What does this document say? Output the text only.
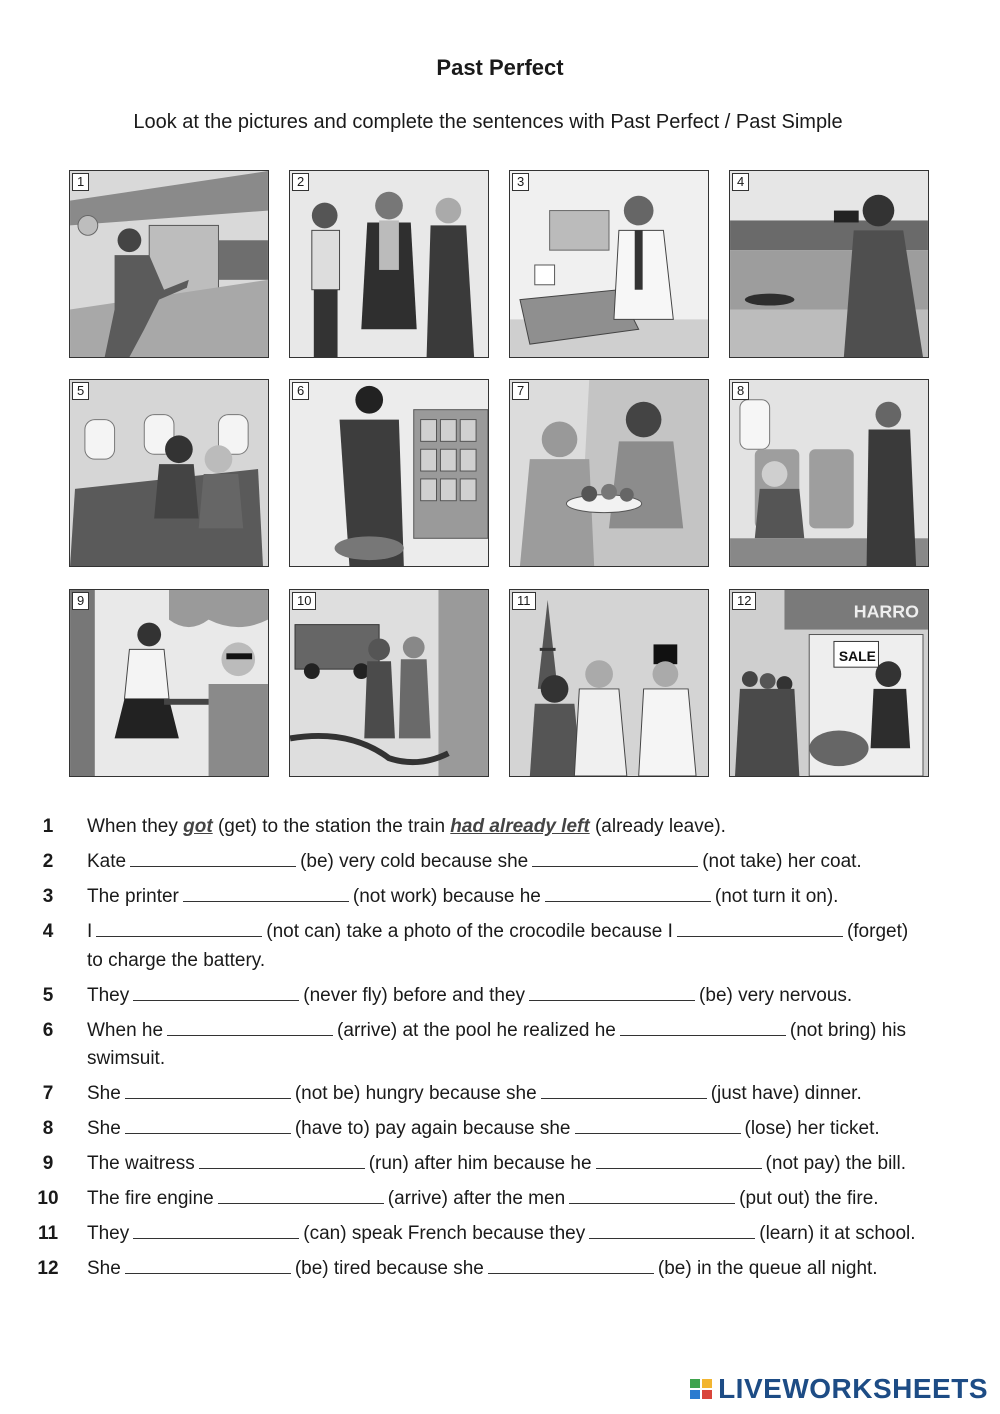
Past Perfect
Look at the pictures and complete the sentences with Past Perfect / Past Simple
1	2	3	4
5	6	7	8
9	10	11	12
HARRO
SALE
1	When they got (get) to the station the train had already left (already leave).
2	Kate	(be) very cold because she	(not take) her coat.
3	The printer	(not work) because he	(not turn it on).
4	I	(not can) take a photo of the crocodile because I	(forget)
to charge the battery.
5	They	(never fly) before and they	(be) very nervous.
6	When he	(arrive) at the pool he realized he	(not bring) his
swimsuit.
7	She	(not be) hungry because she	(just have) dinner.
8	She	(have to) pay again because she	(lose) her ticket.
9	The waitress	(run) after him because he	(not pay) the bill.
10	The fire engine	(arrive) after the men	(put out) the fire.
11	They	(can) speak French because they	(learn) it at school.
12	She	(be) tired because she	(be) in the queue all night.
LIVEWORKSHEETS
